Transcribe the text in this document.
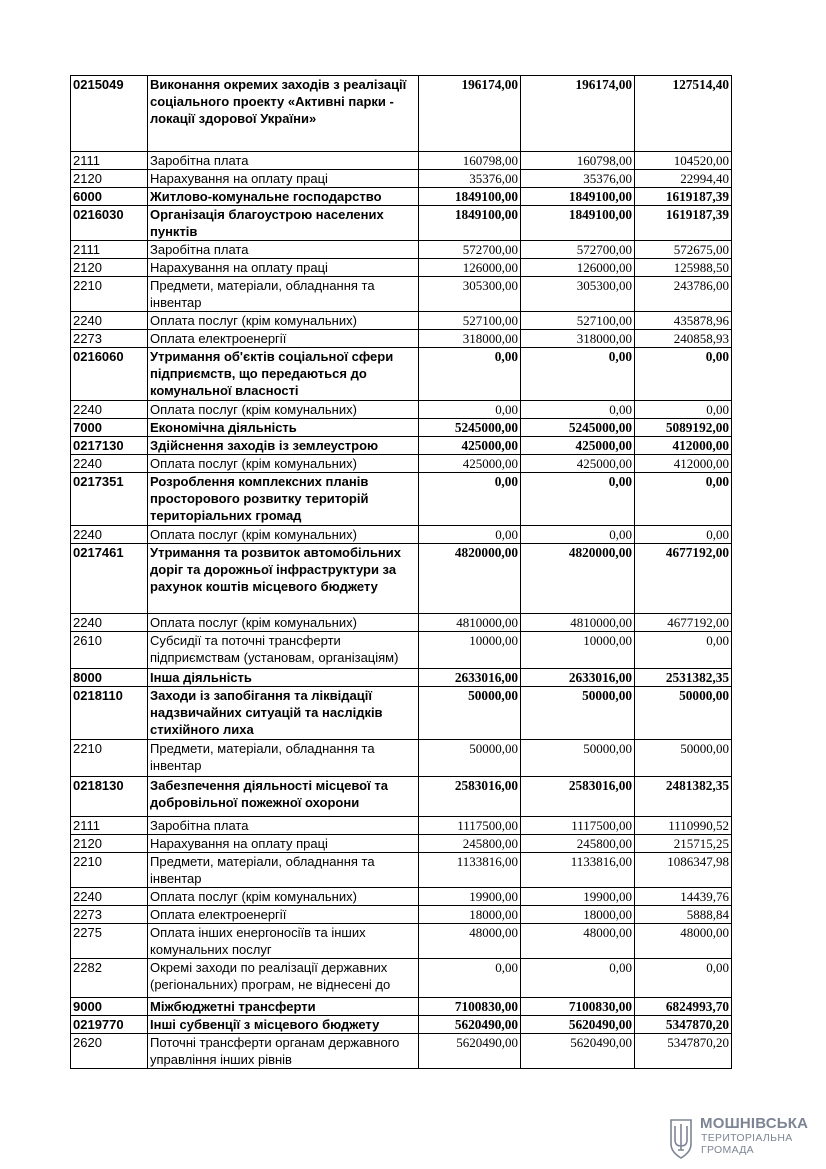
0215049	Виконання окремих заходів з реалізації соціального проекту «Активні парки - локації здорової України»	196174,00	196174,00	127514,40
2111	Заробітна плата	160798,00	160798,00	104520,00
2120	Нарахування на оплату праці	35376,00	35376,00	22994,40
6000	Житлово-комунальне господарство	1849100,00	1849100,00	1619187,39
0216030	Організація благоустрою населених пунктів	1849100,00	1849100,00	1619187,39
2111	Заробітна плата	572700,00	572700,00	572675,00
2120	Нарахування на оплату праці	126000,00	126000,00	125988,50
2210	Предмети, матеріали, обладнання та інвентар	305300,00	305300,00	243786,00
2240	Оплата послуг (крім комунальних)	527100,00	527100,00	435878,96
2273	Оплата електроенергії	318000,00	318000,00	240858,93
0216060	Утримання об'єктів соціальної сфери підприємств, що передаються до комунальної власності	0,00	0,00	0,00
2240	Оплата послуг (крім комунальних)	0,00	0,00	0,00
7000	Економічна діяльність	5245000,00	5245000,00	5089192,00
0217130	Здійснення заходів із землеустрою	425000,00	425000,00	412000,00
2240	Оплата послуг (крім комунальних)	425000,00	425000,00	412000,00
0217351	Розроблення комплексних планів просторового розвитку територій територіальних громад	0,00	0,00	0,00
2240	Оплата послуг (крім комунальних)	0,00	0,00	0,00
0217461	Утримання та розвиток автомобільних доріг та дорожньої інфраструктури за рахунок коштів місцевого бюджету	4820000,00	4820000,00	4677192,00
2240	Оплата послуг (крім комунальних)	4810000,00	4810000,00	4677192,00
2610	Субсидії та поточні трансферти підприємствам (установам, організаціям)	10000,00	10000,00	0,00
8000	Інша діяльність	2633016,00	2633016,00	2531382,35
0218110	Заходи із запобігання та ліквідації надзвичайних ситуацій та наслідків стихійного лиха	50000,00	50000,00	50000,00
2210	Предмети, матеріали, обладнання та інвентар	50000,00	50000,00	50000,00
0218130	Забезпечення діяльності місцевої та добровільної пожежної охорони	2583016,00	2583016,00	2481382,35
2111	Заробітна плата	1117500,00	1117500,00	1110990,52
2120	Нарахування на оплату праці	245800,00	245800,00	215715,25
2210	Предмети, матеріали, обладнання та інвентар	1133816,00	1133816,00	1086347,98
2240	Оплата послуг (крім комунальних)	19900,00	19900,00	14439,76
2273	Оплата електроенергії	18000,00	18000,00	5888,84
2275	Оплата інших енергоносіїв та інших комунальних послуг	48000,00	48000,00	48000,00
2282	Окремі заходи по реалізації державних (регіональних) програм, не віднесені до	0,00	0,00	0,00
9000	Міжбюджетні трансферти	7100830,00	7100830,00	6824993,70
0219770	Інші субвенції з місцевого бюджету	5620490,00	5620490,00	5347870,20
2620	Поточні трансферти органам державного управління інших рівнів	5620490,00	5620490,00	5347870,20
МОШНІВСЬКА
ТЕРИТОРІАЛЬНА
ГРОМАДА
